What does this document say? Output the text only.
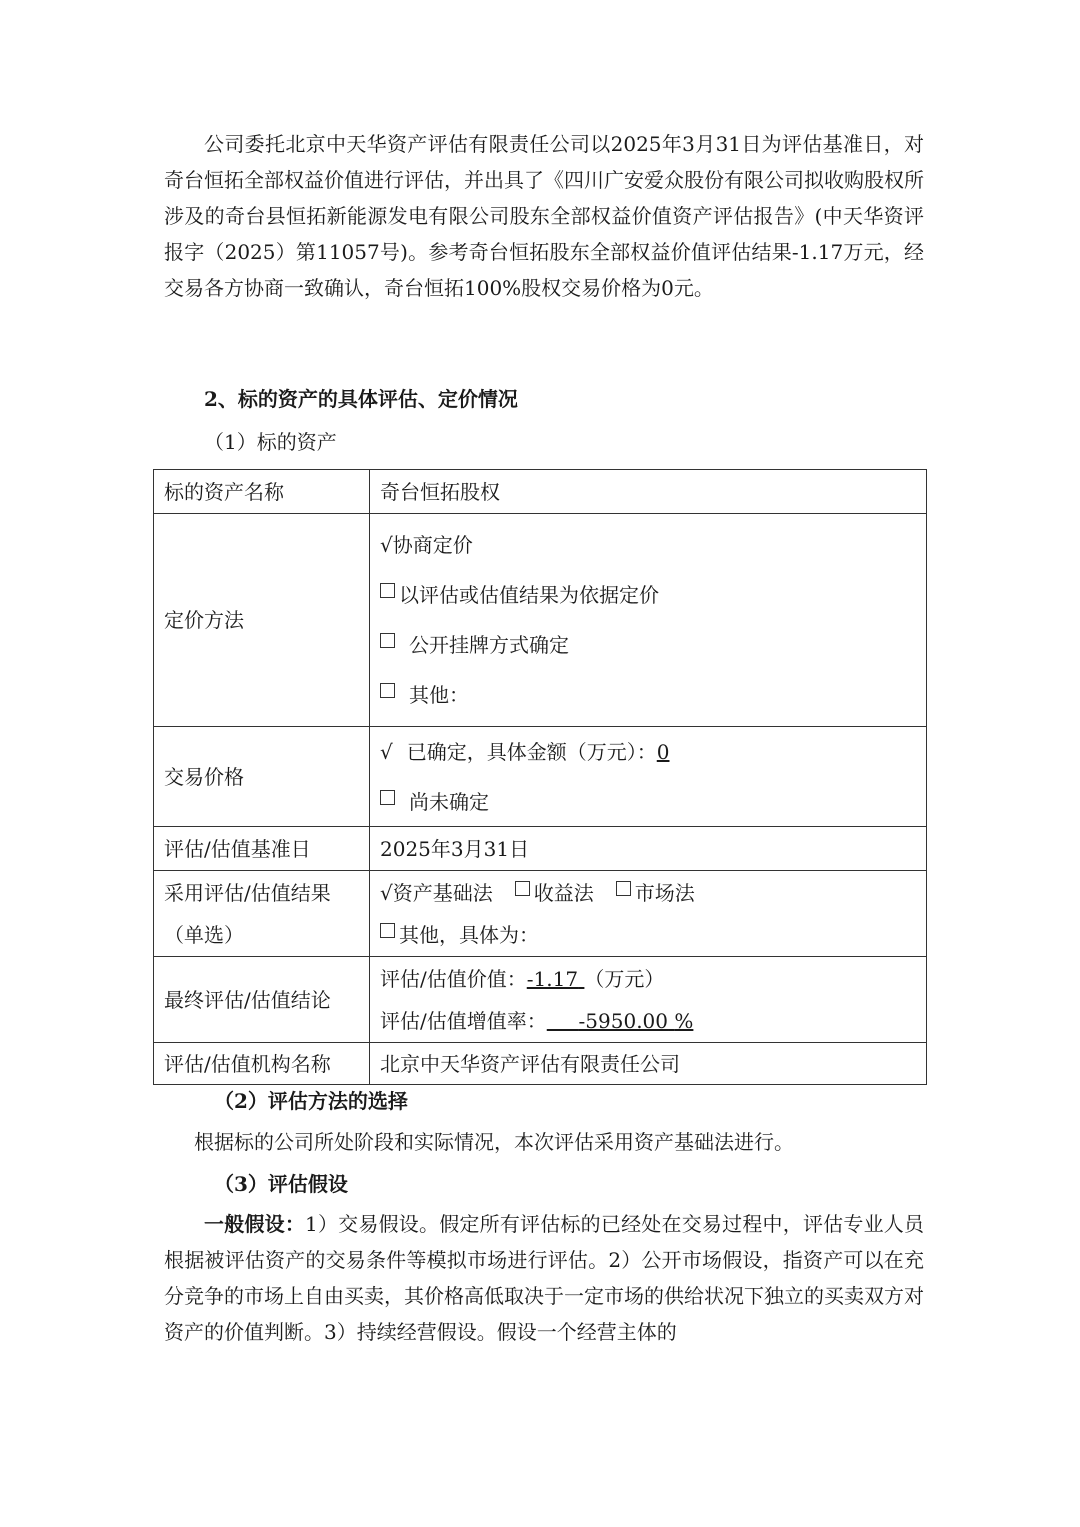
公司委托北京中天华资产评估有限责任公司以2025年3月31日为评估基准日，对奇台恒拓全部权益价值进行评估，并出具了《四川广安爱众股份有限公司拟收购股权所涉及的奇台县恒拓新能源发电有限公司股东全部权益价值资产评估报告》(中天华资评报字（2025）第11057号)。参考奇台恒拓股东全部权益价值评估结果-1.17万元，经交易各方协商一致确认，奇台恒拓100%股权交易价格为0元。

2、标的资产的具体评估、定价情况

（1）标的资产

标的资产名称	奇台恒拓股权
定价方法	√协商定价
以评估或估值结果为依据定价
公开挂牌方式确定
其他：

交易价格	√ 已确定，具体金额（万元）：0
尚未确定

评估/估值基准日	2025年3月31日
采用评估/估值结果（单选）	√资产基础法 收益法 市场法
其他，具体为：

最终评估/估值结论	评估/估值价值：-1.17 （万元）
评估/估值增值率： -5950.00 %

评估/估值机构名称	北京中天华资产评估有限责任公司

（2）评估方法的选择

根据标的公司所处阶段和实际情况，本次评估采用资产基础法进行。

（3）评估假设

一般假设：1）交易假设。假定所有评估标的已经处在交易过程中，评估专业人员根据被评估资产的交易条件等模拟市场进行评估。2）公开市场假设，指资产可以在充分竞争的市场上自由买卖，其价格高低取决于一定市场的供给状况下独立的买卖双方对资产的价值判断。3）持续经营假设。假设一个经营主体的
